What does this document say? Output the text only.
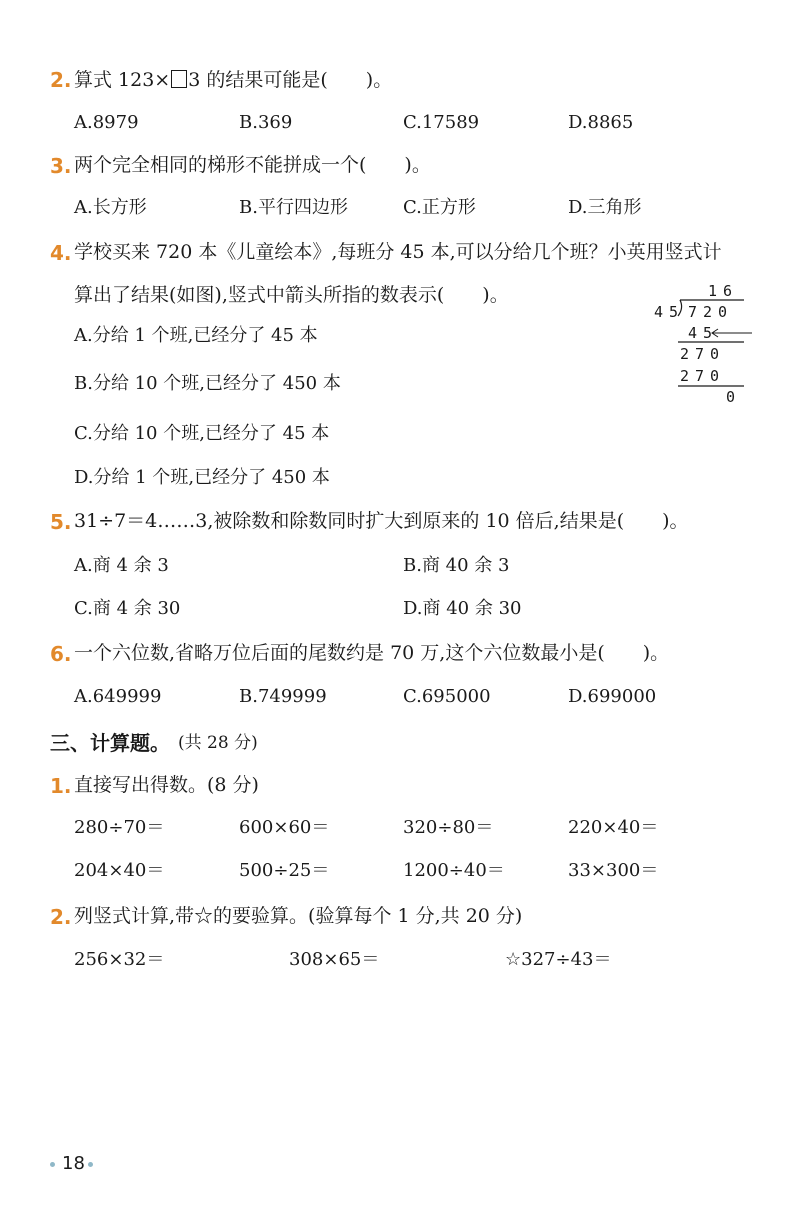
2. 算式 123× 3 的结果可能是(　　)。
A.8979	B.369	C.17589	D.8865
3. 两个完全相同的梯形不能拼成一个(　　)。
A.长方形	B.平行四边形	C.正方形	D.三角形
4. 学校买来 720 本《儿童绘本》,每班分 45 本,可以分给几个班？小英用竖式计
算出了结果(如图),竖式中箭头所指的数表示(　　)。
A.分给 1 个班,已经分了 45 本
B.分给 10 个班,已经分了 450 本
C.分给 10 个班,已经分了 45 本
D.分给 1 个班,已经分了 450 本
16
45 720
45
270
270
0
5. 31÷7＝4……3,被除数和除数同时扩大到原来的 10 倍后,结果是(　　)。
A.商 4 余 3	B.商 40 余 3
C.商 4 余 30	D.商 40 余 30
6. 一个六位数,省略万位后面的尾数约是 70 万,这个六位数最小是(　　)。
A.649999	B.749999	C.695000	D.699000
三、计算题。 (共 28 分)
1. 直接写出得数。(8 分)
280÷70＝	600×60＝	320÷80＝	220×40＝
204×40＝	500÷25＝	1200÷40＝	33×300＝
2. 列竖式计算,带☆的要验算。(验算每个 1 分,共 20 分)
256×32＝	308×65＝	☆327÷43＝
18
